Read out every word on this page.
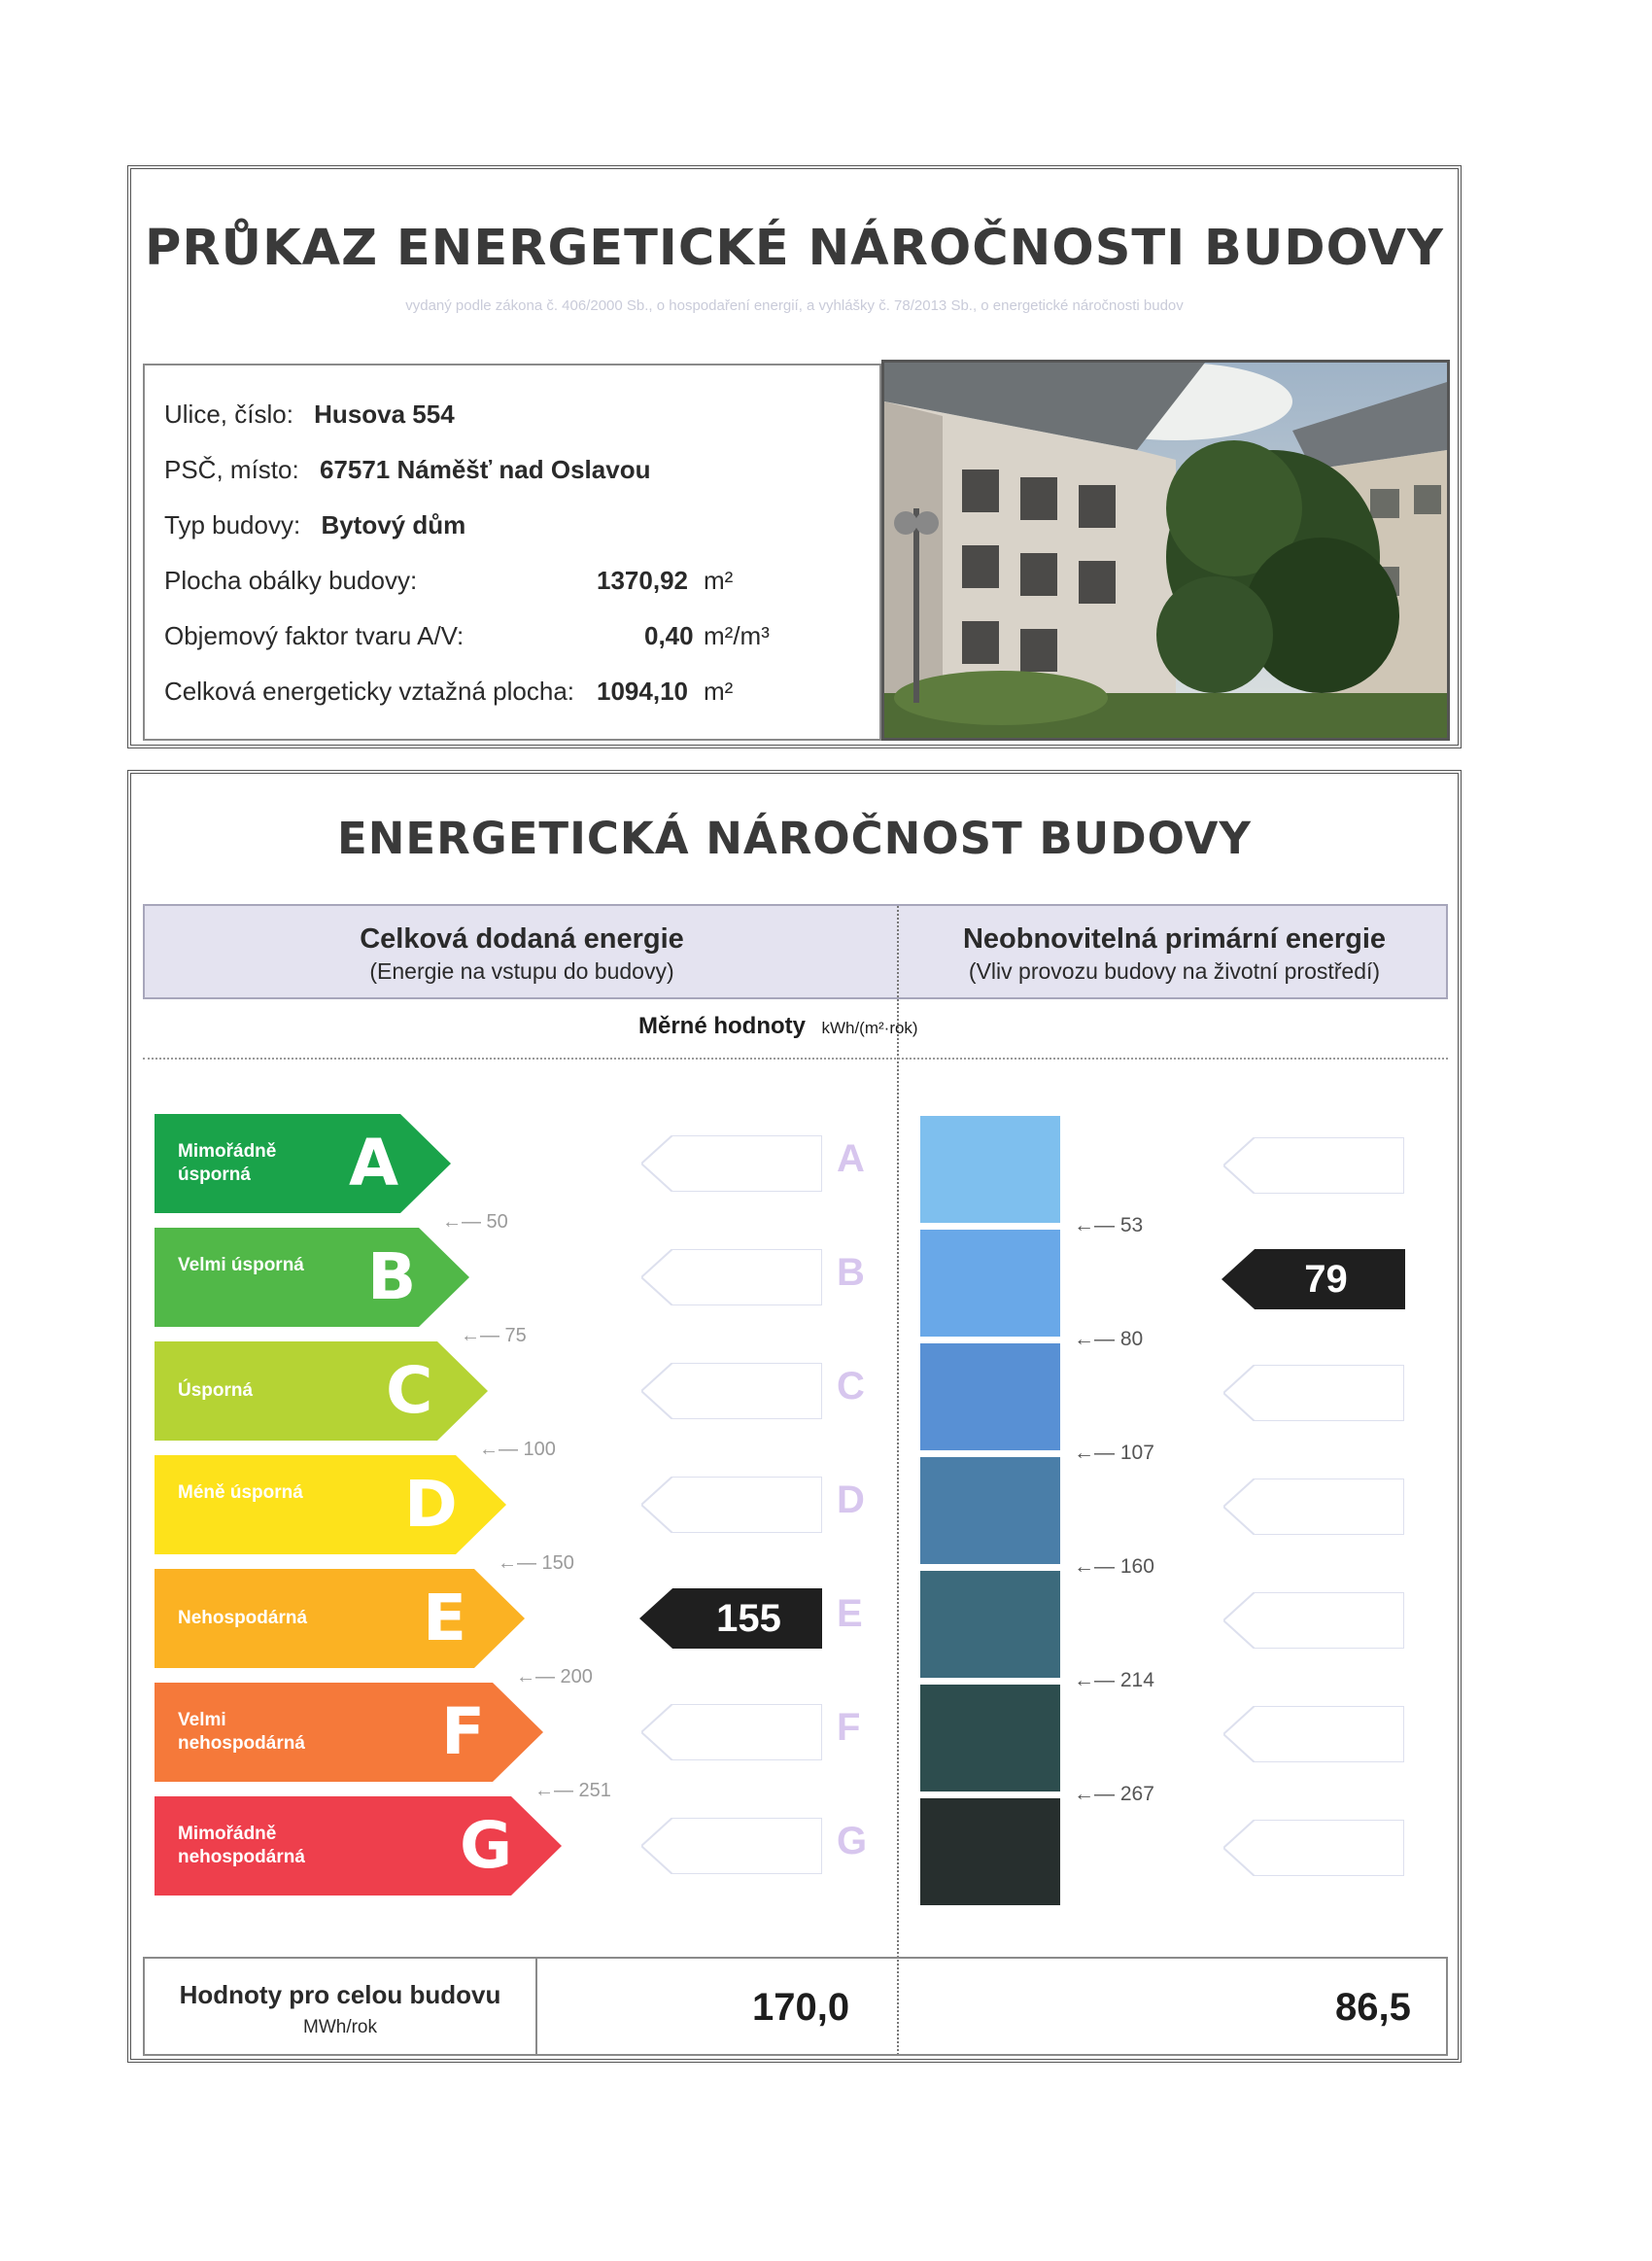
PRŮKAZ ENERGETICKÉ NÁROČNOSTI BUDOVY
vydaný podle zákona č. 406/2000 Sb., o hospodaření energií, a vyhlášky č. 78/2013 Sb., o energetické náročnosti budov
Ulice, číslo: Husova 554
PSČ, místo: 67571 Náměšť nad Oslavou
Typ budovy: Bytový dům
Plocha obálky budovy:	1370,92 m²
Objemový faktor tvaru A/V:	0,40 m²/m³
Celková energeticky vztažná plocha: 1094,10 m²
ENERGETICKÁ NÁROČNOST BUDOVY
Celková dodaná energie
(Energie na vstupu do budovy)
Neobnovitelná primární energie
(Vliv provozu budovy na životní prostředí)
Měrné hodnoty kWh/(m²·rok)
Mimořádně úsporná	A	A
Velmi úsporná B	B
Úsporná	C	C
Méně úsporná	D	D
Nehospodárná	E	155	E
Velmi nehospodárná	F	F
Mimořádně nehospodárná	G	G
←— 50
←— 75
←— 100
←— 150
←— 200
←— 251
79
←— 53
←— 80
←— 107
←— 160
←— 214
←— 267
Hodnoty pro celou budovu
MWh/rok	170,0	86,5
